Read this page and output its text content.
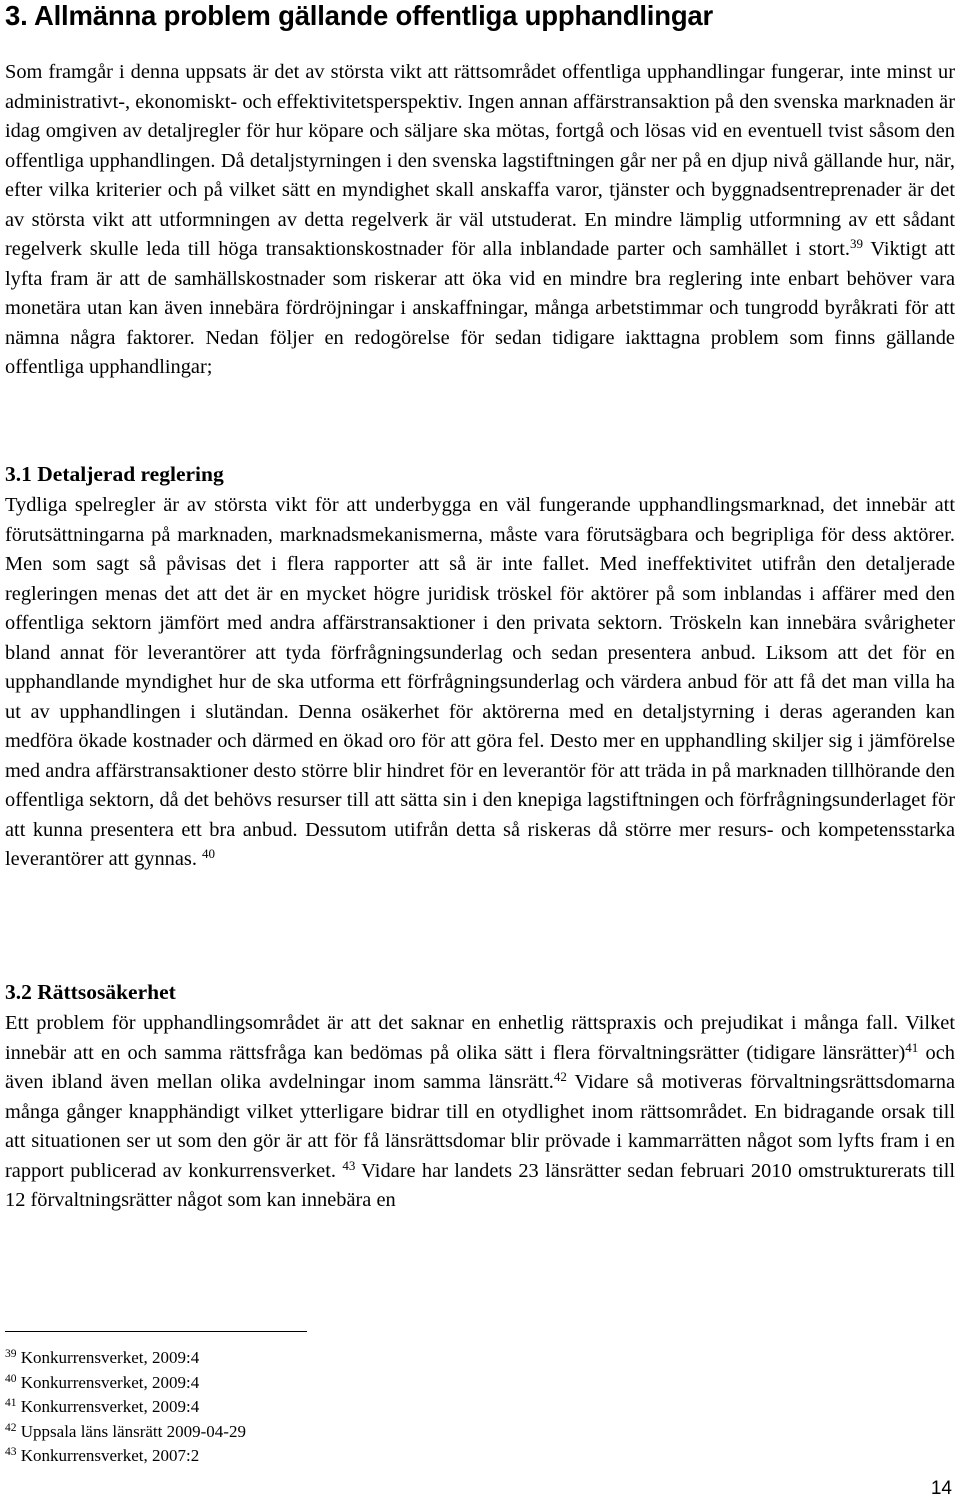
3. Allmänna problem gällande offentliga upphandlingar

Som framgår i denna uppsats är det av största vikt att rättsområdet offentliga upphandlingar fungerar, inte minst ur administrativt-, ekonomiskt- och effektivitetsperspektiv. Ingen annan affärstransaktion på den svenska marknaden är idag omgiven av detaljregler för hur köpare och säljare ska mötas, fortgå och lösas vid en eventuell tvist såsom den offentliga upphandlingen. Då detaljstyrningen i den svenska lagstiftningen går ner på en djup nivå gällande hur, när, efter vilka kriterier och på vilket sätt en myndighet skall anskaffa varor, tjänster och byggnadsentreprenader är det av största vikt att utformningen av detta regelverk är väl utstuderat. En mindre lämplig utformning av ett sådant regelverk skulle leda till höga transaktionskostnader för alla inblandade parter och samhället i stort.$^{39}$ Viktigt att lyfta fram är att de samhällskostnader som riskerar att öka vid en mindre bra reglering inte enbart behöver vara monetära utan kan även innebära fördröjningar i anskaffningar, många arbetstimmar och tungrodd byråkrati för att nämna några faktorer. Nedan följer en redogörelse för sedan tidigare iakttagna problem som finns gällande offentliga upphandlingar;

3.1 Detaljerad reglering

Tydliga spelregler är av största vikt för att underbygga en väl fungerande upphandlingsmarknad, det innebär att förutsättningarna på marknaden, marknadsmekanismerna, måste vara förutsägbara och begripliga för dess aktörer. Men som sagt så påvisas det i flera rapporter att så är inte fallet. Med ineffektivitet utifrån den detaljerade regleringen menas det att det är en mycket högre juridisk tröskel för aktörer på som inblandas i affärer med den offentliga sektorn jämfört med andra affärstransaktioner i den privata sektorn. Tröskeln kan innebära svårigheter bland annat för leverantörer att tyda förfrågningsunderlag och sedan presentera anbud. Liksom att det för en upphandlande myndighet hur de ska utforma ett förfrågningsunderlag och värdera anbud för att få det man villa ha ut av upphandlingen i slutändan. Denna osäkerhet för aktörerna med en detaljstyrning i deras ageranden kan medföra ökade kostnader och därmed en ökad oro för att göra fel. Desto mer en upphandling skiljer sig i jämförelse med andra affärstransaktioner desto större blir hindret för en leverantör för att träda in på marknaden tillhörande den offentliga sektorn, då det behövs resurser till att sätta sin i den knepiga lagstiftningen och förfrågningsunderlaget för att kunna presentera ett bra anbud. Dessutom utifrån detta så riskeras då större mer resurs- och kompetensstarka leverantörer att gynnas. $^{40}$

3.2 Rättsosäkerhet

Ett problem för upphandlingsområdet är att det saknar en enhetlig rättspraxis och prejudikat i många fall. Vilket innebär att en och samma rättsfråga kan bedömas på olika sätt i flera förvaltningsrätter (tidigare länsrätter)$^{41}$ och även ibland även mellan olika avdelningar inom samma länsrätt.$^{42}$ Vidare så motiveras förvaltningsrättsdomarna många gånger knapphändigt vilket ytterligare bidrar till en otydlighet inom rättsområdet. En bidragande orsak till att situationen ser ut som den gör är att för få länsrättsdomar blir prövade i kammarrätten något som lyfts fram i en rapport publicerad av konkurrensverket. $^{43}$ Vidare har landets 23 länsrätter sedan februari 2010 omstrukturerats till 12 förvaltningsrätter något som kan innebära en

$^{39}$ Konkurrensverket, 2009:4
$^{40}$ Konkurrensverket, 2009:4
$^{41}$ Konkurrensverket, 2009:4
$^{42}$ Uppsala läns länsrätt 2009-04-29
$^{43}$ Konkurrensverket, 2007:2
14
